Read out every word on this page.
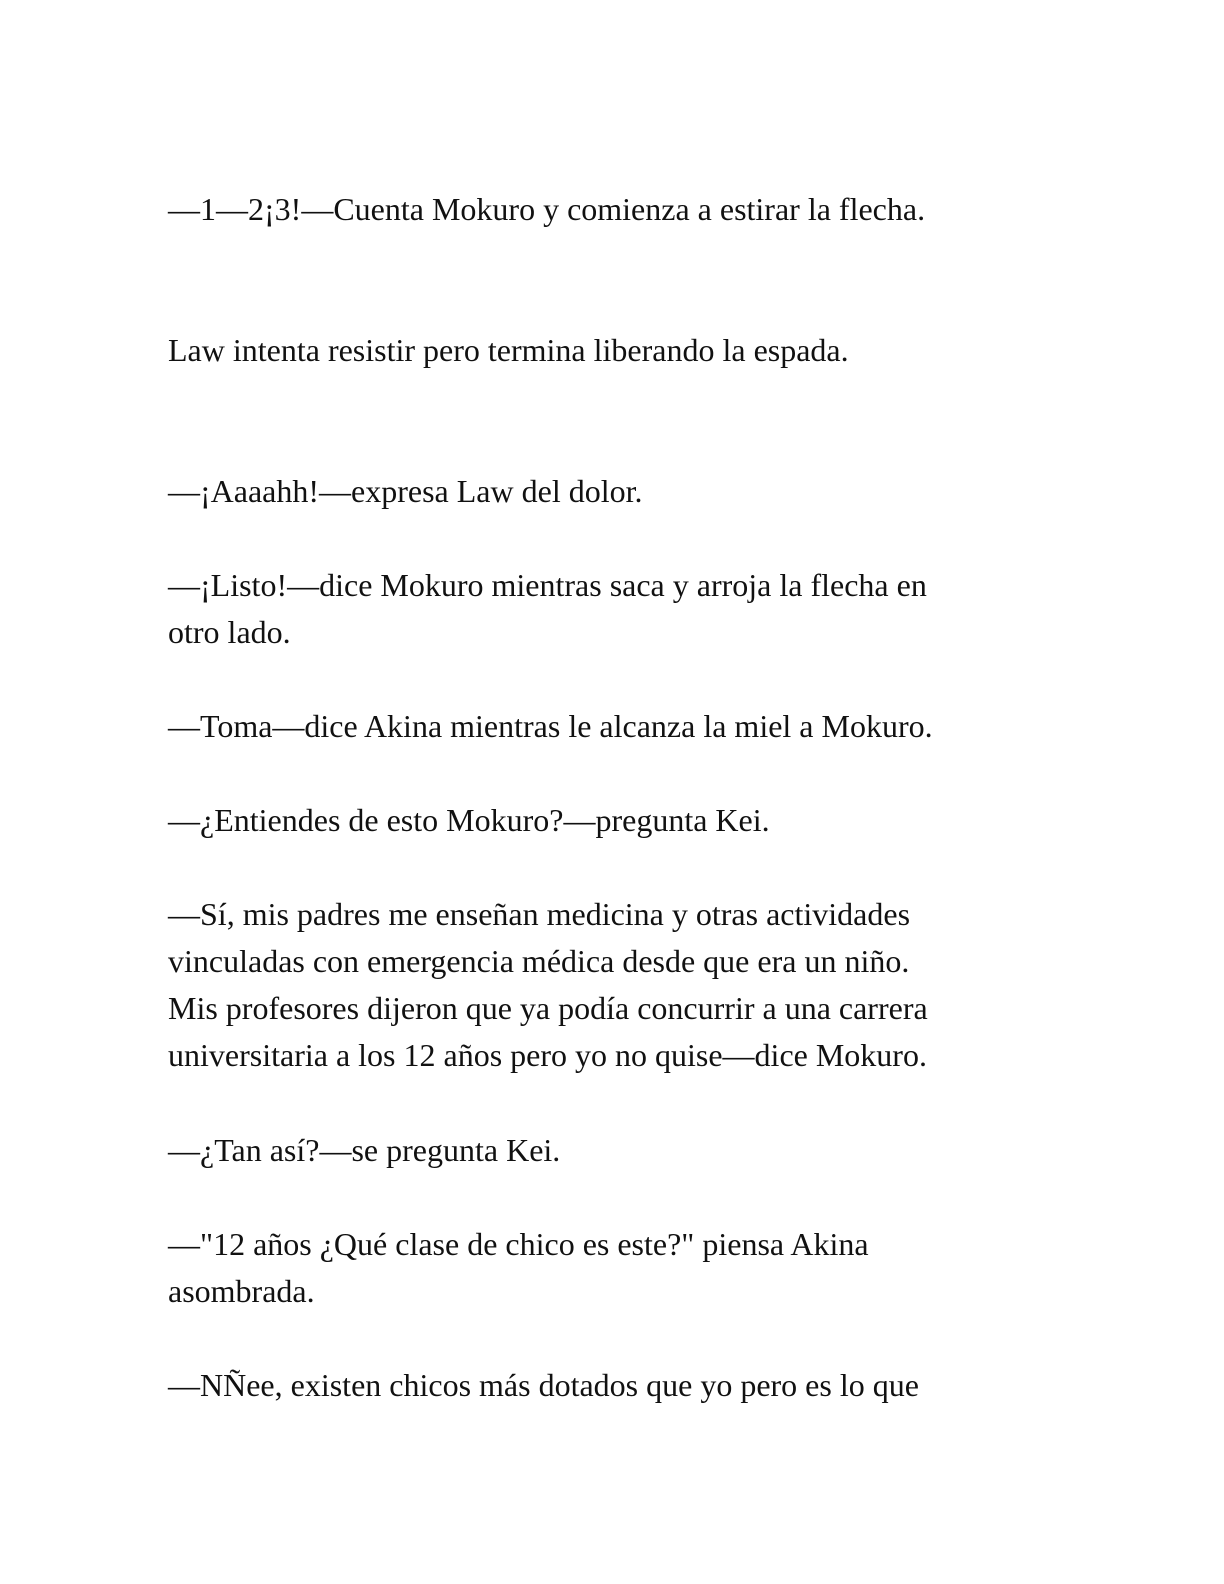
—1—2¡3!—Cuenta Mokuro y comienza a estirar la flecha.

Law intenta resistir pero termina liberando la espada.

—¡Aaaahh!—expresa Law del dolor.

—¡Listo!—dice Mokuro mientras saca y arroja la flecha en
otro lado.

—Toma—dice Akina mientras le alcanza la miel a Mokuro.

—¿Entiendes de esto Mokuro?—pregunta Kei.

—Sí, mis padres me enseñan medicina y otras actividades
vinculadas con emergencia médica desde que era un niño.
Mis profesores dijeron que ya podía concurrir a una carrera
universitaria a los 12 años pero yo no quise—dice Mokuro.

—¿Tan así?—se pregunta Kei.

—"12 años ¿Qué clase de chico es este?" piensa Akina
asombrada.

—NÑee, existen chicos más dotados que yo pero es lo que
